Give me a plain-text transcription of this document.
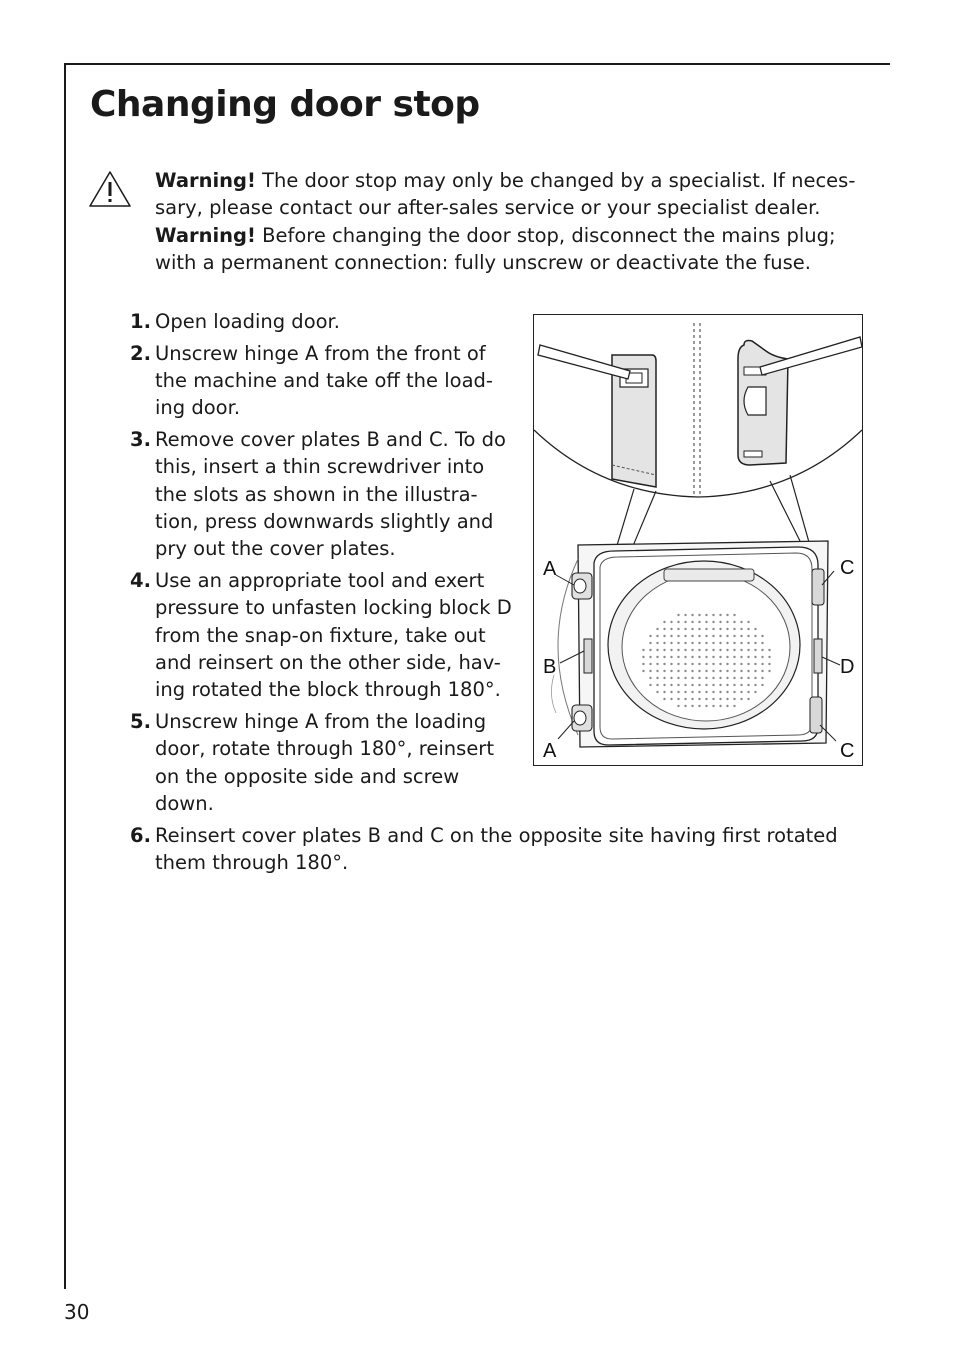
Changing door stop

Warning! The door stop may only be changed by a specialist. If neces-sary, please contact our after-sales service or your specialist dealer.

Warning! Before changing the door stop, disconnect the mains plug; with a permanent connection: fully unscrew or deactivate the fuse.

1. Open loading door.
2. Unscrew hinge A from the front of the machine and take off the load-ing door.
3. Remove cover plates B and C. To do this, insert a thin screwdriver into the slots as shown in the illustra-tion, press downwards slightly and pry out the cover plates.
4. Use an appropriate tool and exert pressure to unfasten locking block D from the snap-on fixture, take out and reinsert on the other side, hav-ing rotated the block through 180°.
5. Unscrew hinge A from the loading door, rotate through 180°, reinsert on the opposite side and screw down.
6. Reinsert cover plates B and C on the opposite site having first rotated them through 180°.
A
B
A
C
D
C
30
